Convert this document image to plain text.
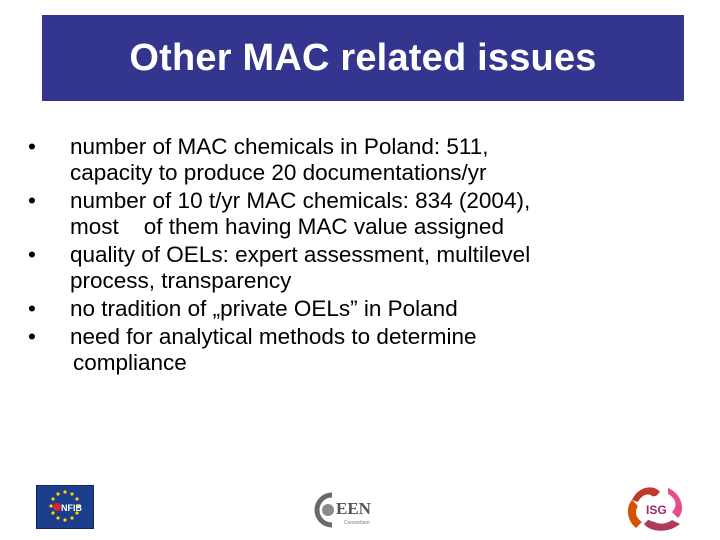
Other MAC related issues
•	number of MAC chemicals in Poland: 511,
capacity to produce 20 documentations/yr
•	number of 10 t/yr MAC chemicals: 834 (2004),
most    of them having MAC value assigned
•	quality of OELs: expert assessment, multilevel
process, transparency
•	no tradition of „private OELs” in Poland
•	need for analytical methods to determine
compliance
NFIB	EEN
Consortium
ISG
